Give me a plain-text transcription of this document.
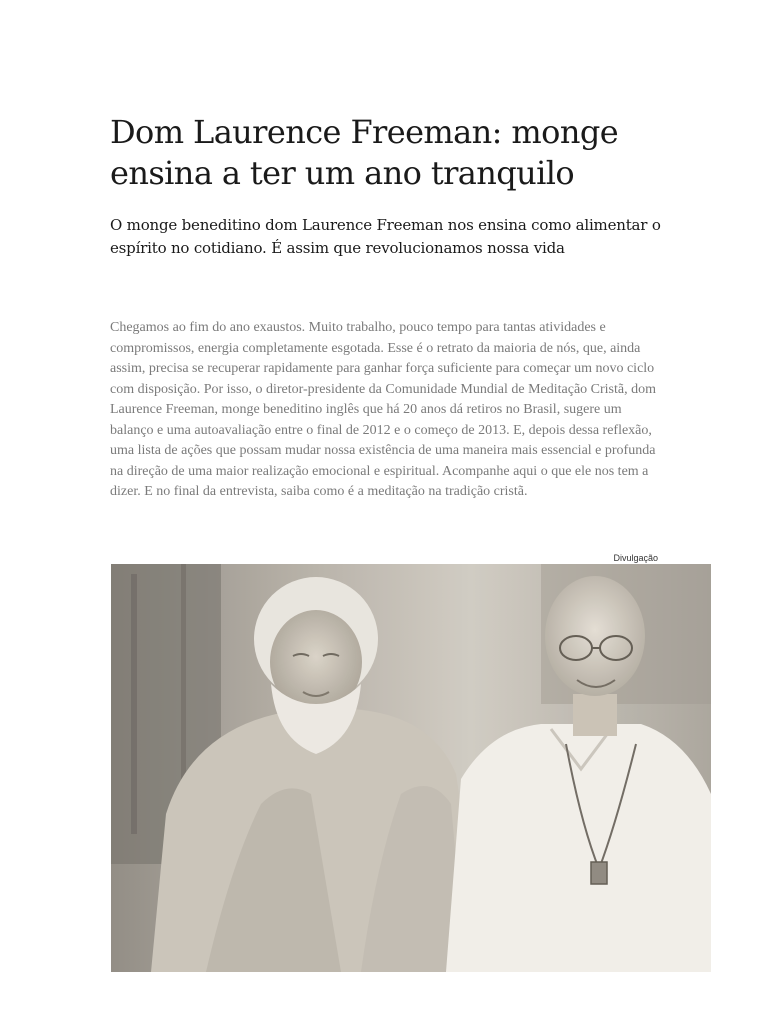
Dom Laurence Freeman: monge ensina a ter um ano tranquilo

O monge beneditino dom Laurence Freeman nos ensina como alimentar o espírito no cotidiano. É assim que revolucionamos nossa vida

Chegamos ao fim do ano exaustos. Muito trabalho, pouco tempo para tantas atividades e compromissos, energia completamente esgotada. Esse é o retrato da maioria de nós, que, ainda assim, precisa se recuperar rapidamente para ganhar força suficiente para começar um novo ciclo com disposição. Por isso, o diretor-presidente da Comunidade Mundial de Meditação Cristã, dom Laurence Freeman, monge beneditino inglês que há 20 anos dá retiros no Brasil, sugere um balanço e uma autoavaliação entre o final de 2012 e o começo de 2013. E, depois dessa reflexão, uma lista de ações que possam mudar nossa existência de uma maneira mais essencial e profunda na direção de uma maior realização emocional e espiritual. Acompanhe aqui o que ele nos tem a dizer. E no final da entrevista, saiba como é a meditação na tradição cristã.

Divulgação
